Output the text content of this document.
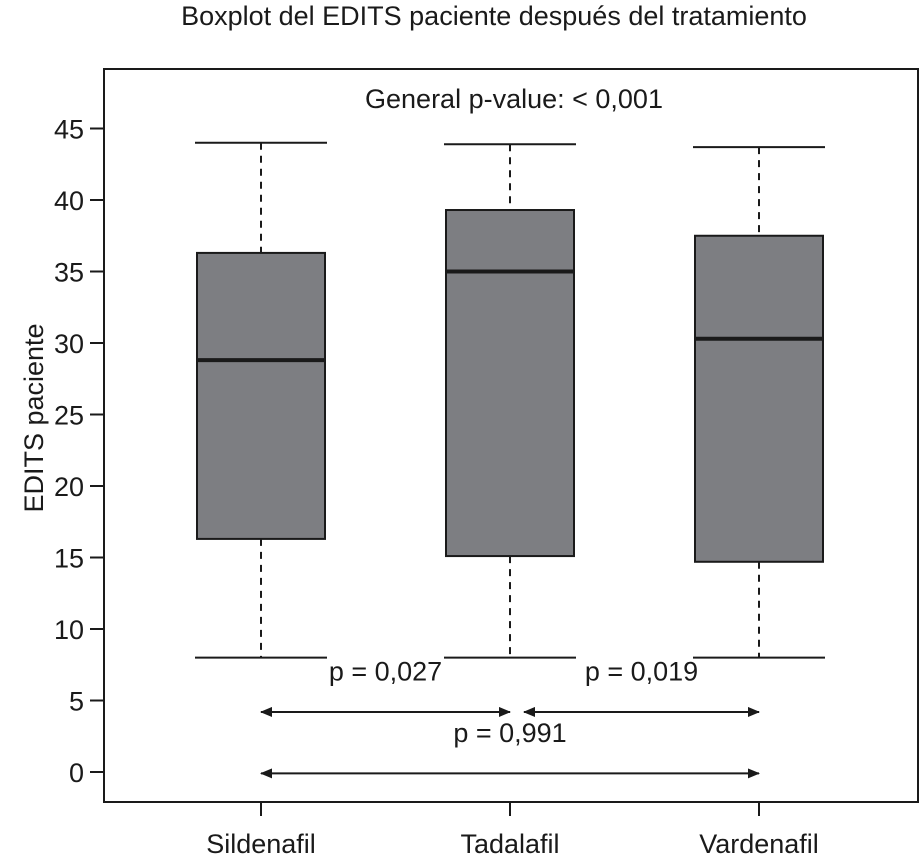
Boxplot del EDITS paciente después del tratamiento
General p-value: < 0,001
EDITS paciente
0
5
10
15
20
25
30
35
40
45
Sildenafil	Tadalafil	Vardenafil
p = 0,027	p = 0,019
p = 0,991
